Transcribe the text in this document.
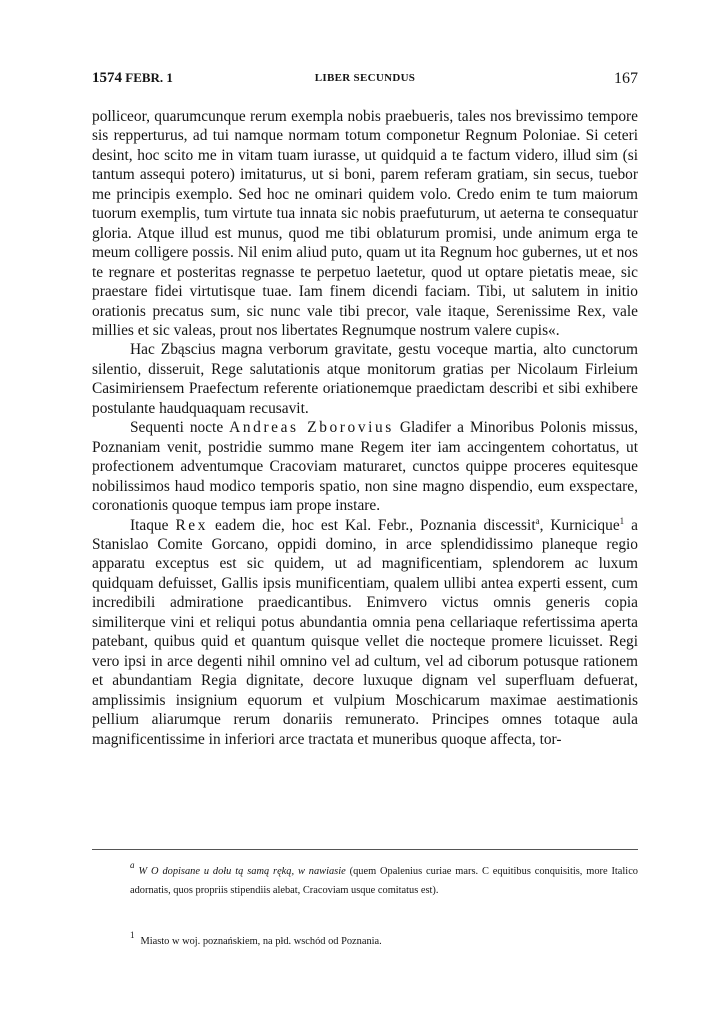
1574 FEBR. 1	LIBER SECUNDUS	167

polliceor, quarumcunque rerum exempla nobis praebueris, tales nos brevissimo tempore sis repperturus, ad tui namque normam totum componetur Regnum Poloniae. Si ceteri desint, hoc scito me in vitam tuam iurasse, ut quidquid a te factum videro, illud sim (si tantum assequi potero) imitaturus, ut si boni, parem referam gratiam, sin secus, tuebor me principis exemplo. Sed hoc ne ominari quidem volo. Credo enim te tum maiorum tuorum exemplis, tum virtute tua innata sic nobis praefuturum, ut aeterna te consequatur gloria. Atque illud est munus, quod me tibi oblaturum promisi, unde animum erga te meum colligere possis. Nil enim aliud puto, quam ut ita Regnum hoc gubernes, ut et nos te regnare et posteritas regnasse te perpetuo laetetur, quod ut optare pietatis meae, sic praestare fidei virtutisque tuae. Iam finem dicendi faciam. Tibi, ut salutem in initio orationis precatus sum, sic nunc vale tibi precor, vale itaque, Serenissime Rex, vale millies et sic valeas, prout nos libertates Regnumque nostrum valere cupis«.

Hac Zbąscius magna verborum gravitate, gestu voceque martia, alto cunctorum silentio, disseruit, Rege salutationis atque monitorum gratias per Nicolaum Firleium Casimiriensem Praefectum referente oriationemque praedictam describi et sibi exhibere postulante haudquaquam recusavit.

Sequenti nocte Andreas Zborovius Gladifer a Minoribus Polonis missus, Poznaniam venit, postridie summo mane Regem iter iam accingentem cohortatus, ut profectionem adventumque Cracoviam maturaret, cunctos quippe proceres equitesque nobilissimos haud modico temporis spatio, non sine magno dispendio, eum exspectare, coronationis quoque tempus iam prope instare.

Itaque Rex eadem die, hoc est Kal. Febr., Poznania discessit$^a$, Kurnicique$^1$ a Stanislao Comite Gorcano, oppidi domino, in arce splendidissimo planeque regio apparatu exceptus est sic quidem, ut ad magnificentiam, splendorem ac luxum quidquam defuisset, Gallis ipsis munificentiam, qualem ullibi antea experti essent, cum incredibili admiratione praedicantibus. Enimvero victus omnis generis copia similiterque vini et reliqui potus abundantia omnia pena cellariaque refertissima aperta patebant, quibus quid et quantum quisque vellet die nocteque promere licuisset. Regi vero ipsi in arce degenti nihil omnino vel ad cultum, vel ad ciborum potusque rationem et abundantiam Regia dignitate, decore luxuque dignam vel superfluam defuerat, amplissimis insignium equorum et vulpium Moschicarum maximae aestimationis pellium aliarumque rerum donariis remunerato. Principes omnes totaque aula magnificentissime in inferiori arce tractata et muneribus quoque affecta, tor-

$^a$W O dopisane u dołu tą samą ręką, w nawiasie (quem Opalenius curiae mars. C equitibus conquisitis, more Italico adornatis, quos propriis stipendiis alebat, Cracoviam usque comitatus est).
$^1$Miasto w woj. poznańskiem, na płd. wschód od Poznania.
